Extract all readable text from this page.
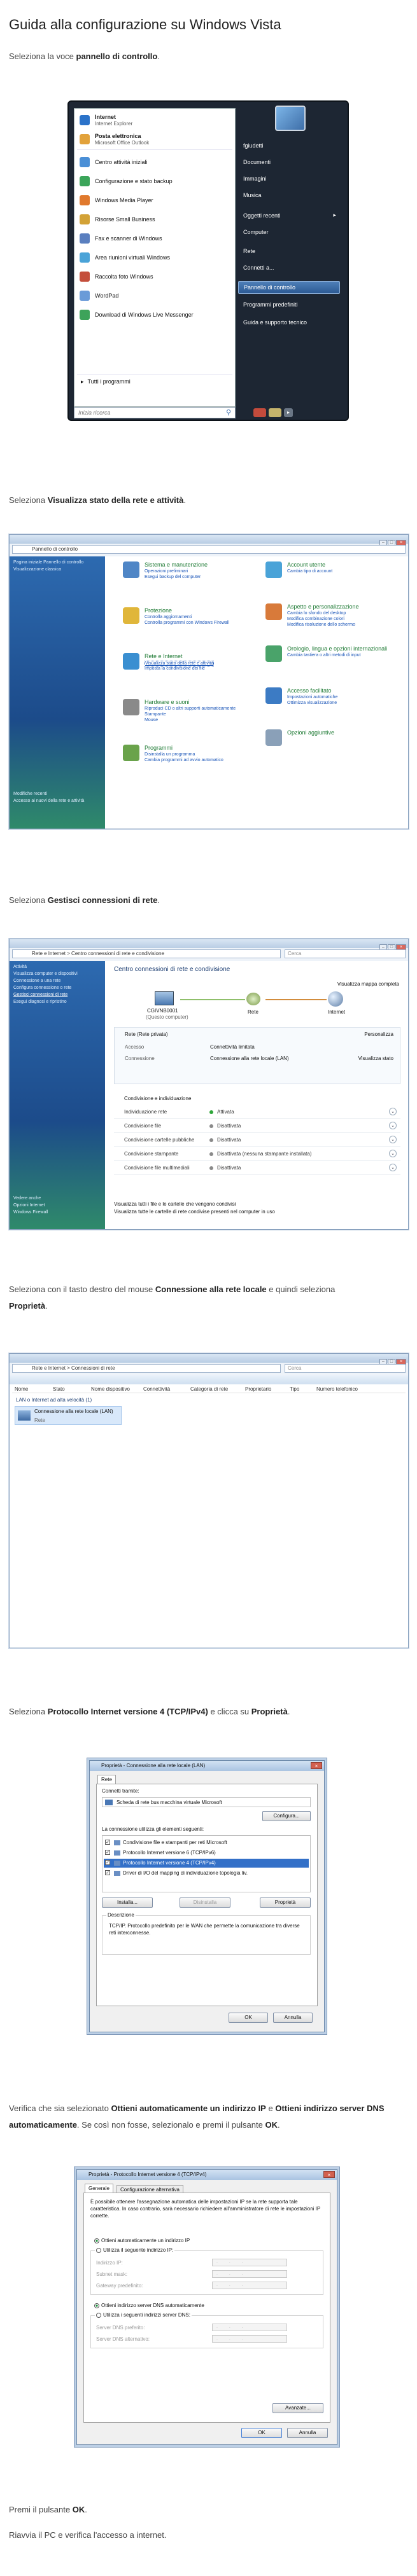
Guida alla configurazione su Windows Vista
Seleziona la voce pannello di controllo.
Internet
Internet Explorer
Posta elettronica
Microsoft Office Outlook
Centro attività iniziali
Configurazione e stato backup
Windows Media Player
Risorse Small Business
Fax e scanner di Windows
Area riunioni virtuali Windows
Raccolta foto Windows
WordPad
Download di Windows Live Messenger
▸ Tutti i programmi
fgiudetti
Documenti
Immagini
Musica
Oggetti recenti	▸
Computer
Rete
Connetti a...
Pannello di controllo
Programmi predefiniti
Guida e supporto tecnico
Inizia ricerca	⚲	▸
Seleziona Visualizza stato della rete e attività.
– □ ×
Pannello di controllo
Pagina iniziale Pannello di controllo
Visualizzazione classica
Modifiche recenti
Accesso ai nuovi della rete e attività
Sistema e manutenzione
Operazioni preliminari
Esegui backup del computer
Protezione
Controlla aggiornamenti
Controlla programmi con Windows Firewall
Rete e Internet
Visualizza stato della rete e attività
Imposta la condivisione dei file
Hardware e suoni
Riproduci CD o altri supporti automaticamente
Stampante
Mouse
Programmi
Disinstalla un programma
Cambia programmi ad avvio automatico
Account utente
Cambia tipo di account
Aspetto e personalizzazione
Cambia lo sfondo del desktop
Modifica combinazione colori
Modifica risoluzione dello schermo
Orologio, lingua e opzioni internazionali
Cambia tastiera o altri metodi di input
Accesso facilitato
Impostazioni automatiche
Ottimizza visualizzazione
Opzioni aggiuntive
Seleziona Gestisci connessioni di rete.
– □ ×
Rete e Internet > Centro connessioni di rete e condivisione	Cerca
Attività
Visualizza computer e dispositivi
Connessione a una rete
Configura connessione o rete
Gestisci connessioni di rete
Esegui diagnosi e ripristino
Vedere anche
Opzioni Internet
Windows Firewall
Centro connessioni di rete e condivisione
Visualizza mappa completa
CGIVNB0001
(Questo computer)
Rete	Internet
Rete (Rete privata)	Personalizza
Accesso	Connettività limitata
Connessione	Connessione alla rete locale (LAN)	Visualizza stato
Condivisione e individuazione
Individuazione rete	Attivata	⌄
Condivisione file	Disattivata	⌄
Condivisione cartelle pubbliche	Disattivata	⌄
Condivisione stampante	Disattivata (nessuna stampante installata)	⌄
Condivisione file multimediali	Disattivata	⌄
Visualizza tutti i file e le cartelle che vengono condivisi
Visualizza tutte le cartelle di rete condivise presenti nel computer in uso
Seleziona con il tasto destro del mouse Connessione alla rete locale e quindi seleziona
Proprietà.
– □ ×
Rete e Internet > Connessioni di rete	Cerca
Nome	Stato	Nome dispositivo	Connettività	Categoria di rete	Proprietario	Tipo	Numero telefonico
LAN o Internet ad alta velocità (1)
Connessione alla rete locale (LAN)
Rete
Seleziona Protocollo Internet versione 4 (TCP/IPv4) e clicca su Proprietà.
Proprietà - Connessione alla rete locale (LAN)	×
Rete
Connetti tramite:
Scheda di rete bus macchina virtuale Microsoft
Configura...
La connessione utilizza gli elementi seguenti:
✓	Condivisione file e stampanti per reti Microsoft
✓	Protocollo Internet versione 6 (TCP/IPv6)
✓	Protocollo Internet versione 4 (TCP/IPv4)
✓	Driver di I/O del mapping di individuazione topologia liv.
Installa...	Disinstalla	Proprietà
Descrizione
TCP/IP. Protocollo predefinito per le WAN che permette la comunicazione tra diverse reti interconnesse.
OK	Annulla
Verifica che sia selezionato Ottieni automaticamente un indirizzo IP e Ottieni indirizzo server DNS automaticamente. Se così non fosse, selezionalo e premi il pulsante OK.
Proprietà - Protocollo Internet versione 4 (TCP/IPv4)	×
Generale	Configurazione alternativa
È possibile ottenere l'assegnazione automatica delle impostazioni IP se la rete supporta tale caratteristica. In caso contrario, sarà necessario richiedere all'amministratore di rete le impostazioni IP corrette.
Ottieni automaticamente un indirizzo IP
Utilizza il seguente indirizzo IP:
Indirizzo IP:	. . .
Subnet mask:	. . .
Gateway predefinito:	. . .
Ottieni indirizzo server DNS automaticamente
Utilizza i seguenti indirizzi server DNS:
Server DNS preferito:	. . .
Server DNS alternativo:	. . .
Avanzate...
OK	Annulla
Premi il pulsante OK.
Riavvia il PC e verifica l'accesso a internet.
